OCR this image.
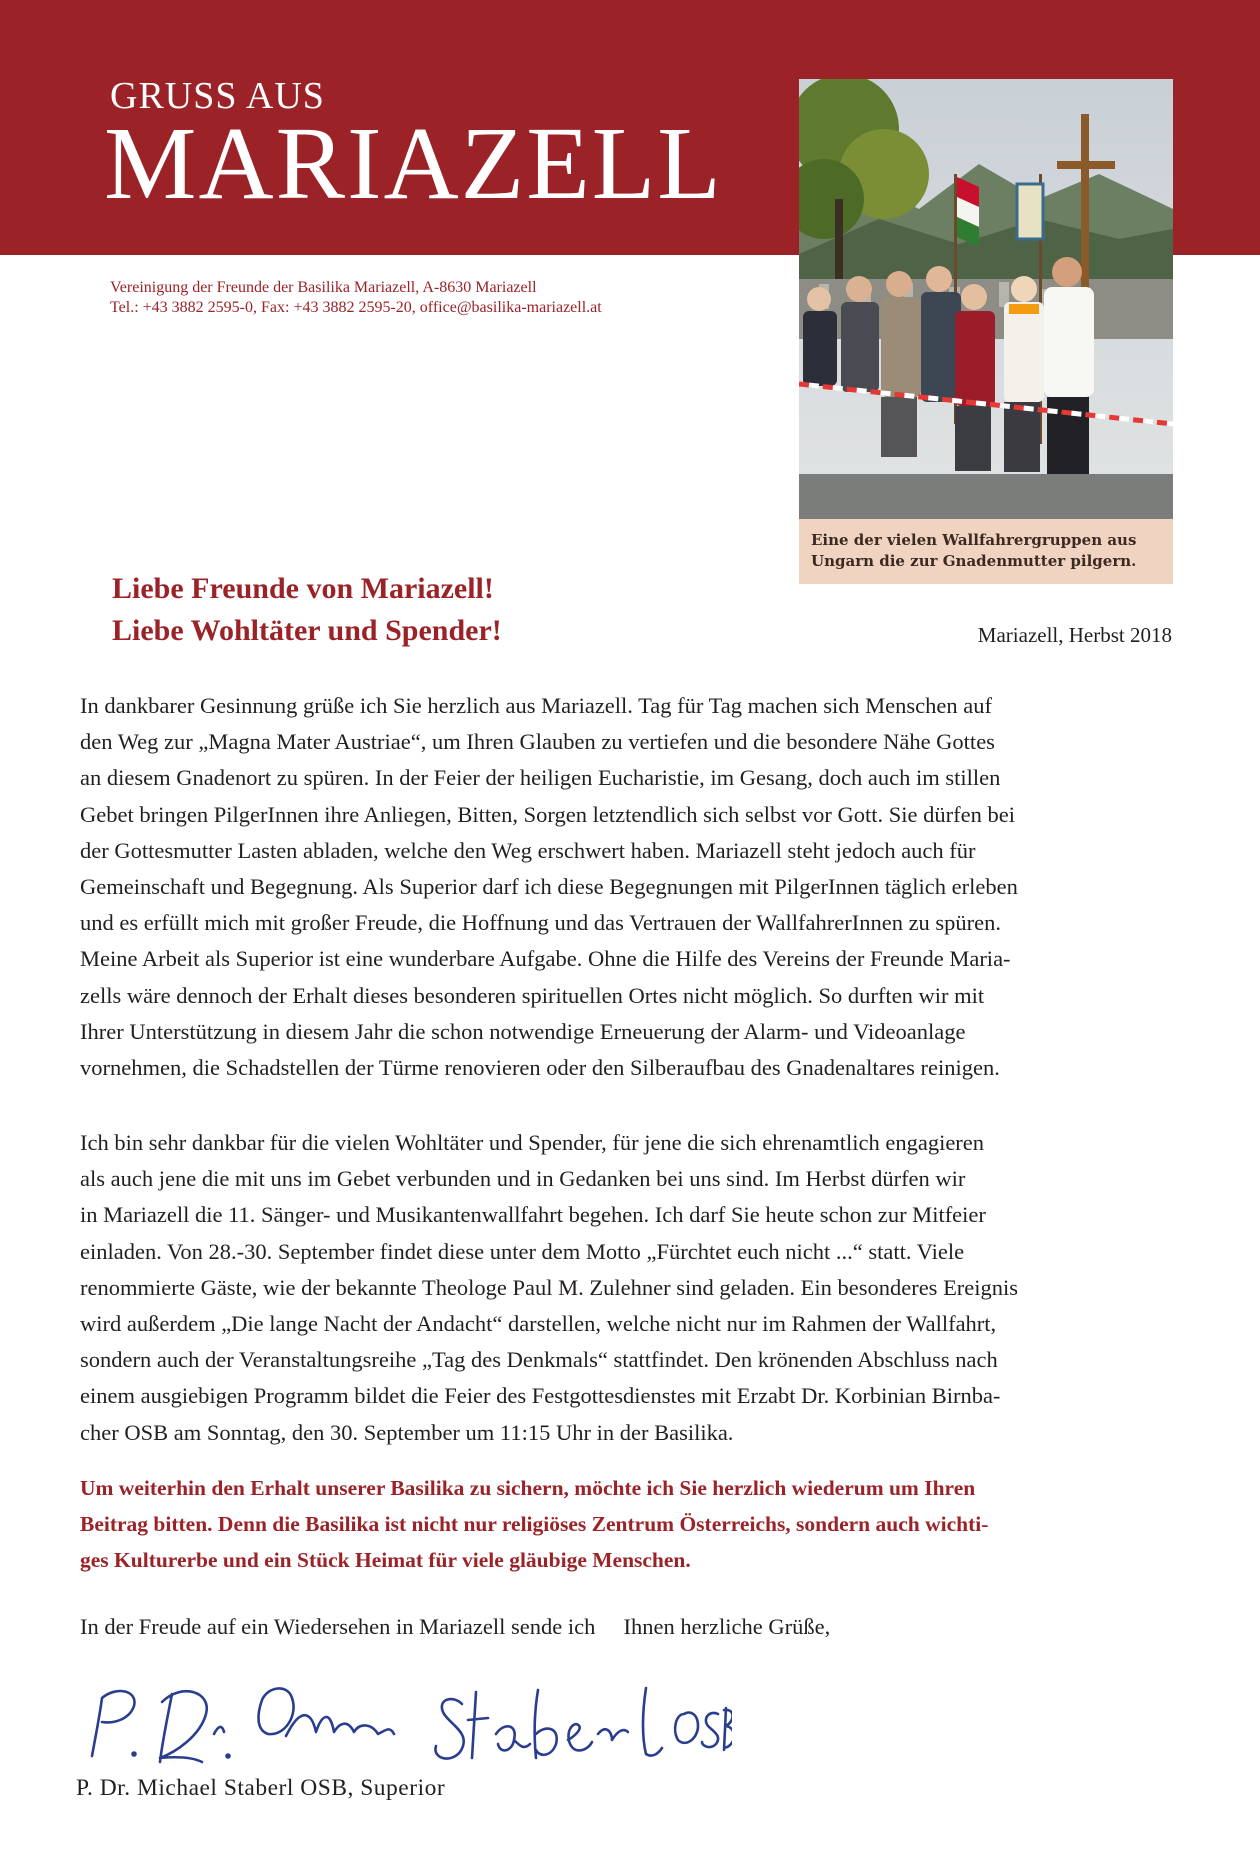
GRUSS AUS
MARIAZELL
Vereinigung der Freunde der Basilika Mariazell, A-8630 Mariazell
Tel.: +43 3882 2595-0, Fax: +43 3882 2595-20, office@basilika-mariazell.at
Eine der vielen Wallfahrergruppen aus
Ungarn die zur Gnadenmutter pilgern.
Liebe Freunde von Mariazell!
Liebe Wohltäter und Spender!	Mariazell, Herbst 2018
In dankbarer Gesinnung grüße ich Sie herzlich aus Mariazell. Tag für Tag machen sich Menschen auf
den Weg zur „Magna Mater Austriae“, um Ihren Glauben zu vertiefen und die besondere Nähe Gottes
an diesem Gnadenort zu spüren. In der Feier der heiligen Eucharistie, im Gesang, doch auch im stillen
Gebet bringen PilgerInnen ihre Anliegen, Bitten, Sorgen letztendlich sich selbst vor Gott. Sie dürfen bei
der Gottesmutter Lasten abladen, welche den Weg erschwert haben. Mariazell steht jedoch auch für
Gemeinschaft und Begegnung. Als Superior darf ich diese Begegnungen mit PilgerInnen täglich erleben
und es erfüllt mich mit großer Freude, die Hoffnung und das Vertrauen der WallfahrerInnen zu spüren.
Meine Arbeit als Superior ist eine wunderbare Aufgabe. Ohne die Hilfe des Vereins der Freunde Maria-
zells wäre dennoch der Erhalt dieses besonderen spirituellen Ortes nicht möglich. So durften wir mit
Ihrer Unterstützung in diesem Jahr die schon notwendige Erneuerung der Alarm- und Videoanlage
vornehmen, die Schadstellen der Türme renovieren oder den Silberaufbau des Gnadenaltares reinigen.
Ich bin sehr dankbar für die vielen Wohltäter und Spender, für jene die sich ehrenamtlich engagieren
als auch jene die mit uns im Gebet verbunden und in Gedanken bei uns sind. Im Herbst dürfen wir
in Mariazell die 11. Sänger- und Musikantenwallfahrt begehen. Ich darf Sie heute schon zur Mitfeier
einladen. Von 28.-30. September findet diese unter dem Motto „Fürchtet euch nicht ...“ statt. Viele
renommierte Gäste, wie der bekannte Theologe Paul M. Zulehner sind geladen. Ein besonderes Ereignis
wird außerdem „Die lange Nacht der Andacht“ darstellen, welche nicht nur im Rahmen der Wallfahrt,
sondern auch der Veranstaltungsreihe „Tag des Denkmals“ stattfindet. Den krönenden Abschluss nach
einem ausgiebigen Programm bildet die Feier des Festgottesdienstes mit Erzabt Dr. Korbinian Birnba-
cher OSB am Sonntag, den 30. September um 11:15 Uhr in der Basilika.
Um weiterhin den Erhalt unserer Basilika zu sichern, möchte ich Sie herzlich wiederum um Ihren
Beitrag bitten. Denn die Basilika ist nicht nur religiöses Zentrum Österreichs, sondern auch wichti-
ges Kulturerbe und ein Stück Heimat für viele gläubige Menschen.
In der Freude auf ein Wiedersehen in Mariazell sende ich     Ihnen herzliche Grüße,
P. Dr. Michael Staberl OSB, Superior
